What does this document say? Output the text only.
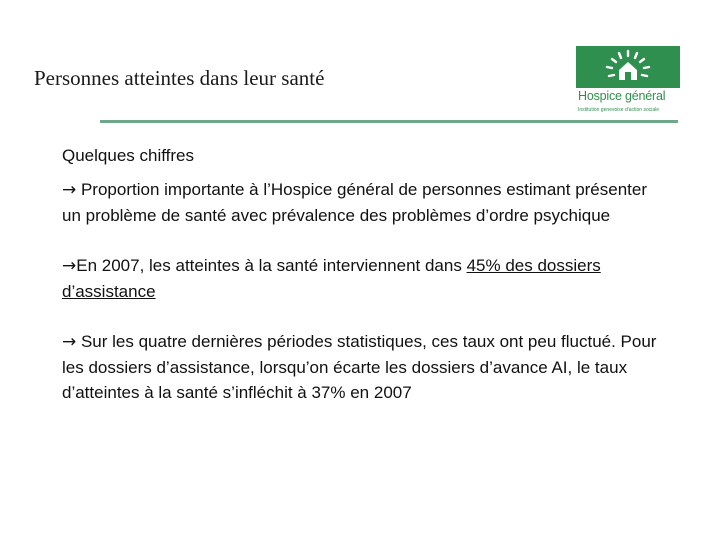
Personnes atteintes dans leur santé
Hospice général
Institution genevoise d'action sociale

Quelques chiffres

→ Proportion importante à l’Hospice général de personnes estimant présenter un problème de santé avec prévalence des problèmes d’ordre psychique

→En 2007, les atteintes à la santé interviennent dans 45% des dossiers d’assistance

→ Sur les quatre dernières périodes statistiques, ces taux ont peu fluctué. Pour les dossiers d’assistance, lorsqu’on écarte les dossiers d’avance AI, le taux d’atteintes à la santé s’infléchit à 37% en 2007
